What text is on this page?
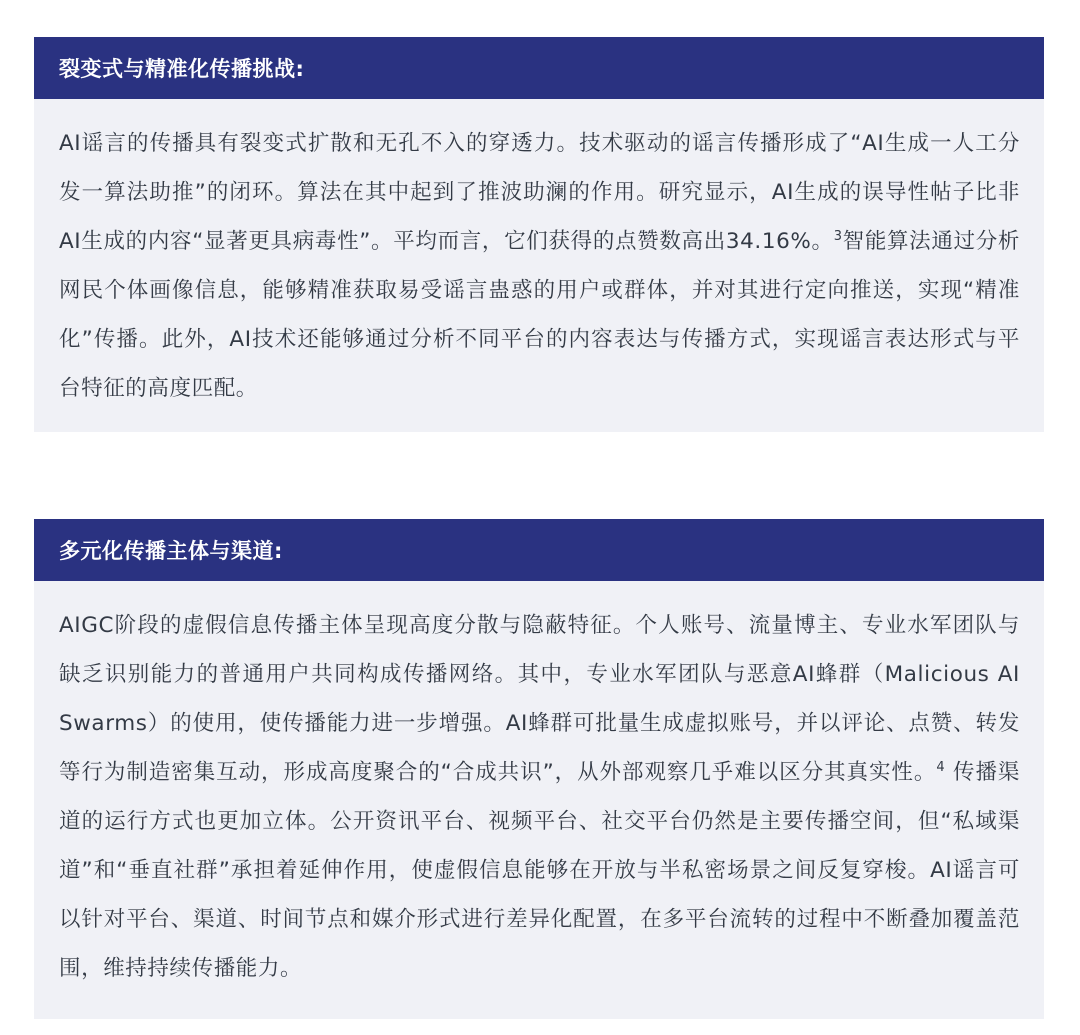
裂变式与精准化传播挑战:

AI谣言的传播具有裂变式扩散和无孔不入的穿透力。技术驱动的谣言传播形成了“AI生成一人工分发一算法助推”的闭环。算法在其中起到了推波助澜的作用。研究显示，AI生成的误导性帖子比非AI生成的内容“显著更具病毒性”。平均而言，它们获得的点赞数高出34.16%。$^3$智能算法通过分析网民个体画像信息，能够精准获取易受谣言蛊惑的用户或群体，并对其进行定向推送，实现“精准化”传播。此外，AI技术还能够通过分析不同平台的内容表达与传播方式，实现谣言表达形式与平台特征的高度匹配。

多元化传播主体与渠道:

AIGC阶段的虚假信息传播主体呈现高度分散与隐蔽特征。个人账号、流量博主、专业水军团队与缺乏识别能力的普通用户共同构成传播网络。其中，专业水军团队与恶意AI蜂群（Malicious AI Swarms）的使用，使传播能力进一步增强。AI蜂群可批量生成虚拟账号，并以评论、点赞、转发等行为制造密集互动，形成高度聚合的“合成共识”，从外部观察几乎难以区分其真实性。$^4$ 传播渠道的运行方式也更加立体。公开资讯平台、视频平台、社交平台仍然是主要传播空间，但“私域渠道”和“垂直社群”承担着延伸作用，使虚假信息能够在开放与半私密场景之间反复穿梭。AI谣言可以针对平台、渠道、时间节点和媒介形式进行差异化配置，在多平台流转的过程中不断叠加覆盖范围，维持持续传播能力。
